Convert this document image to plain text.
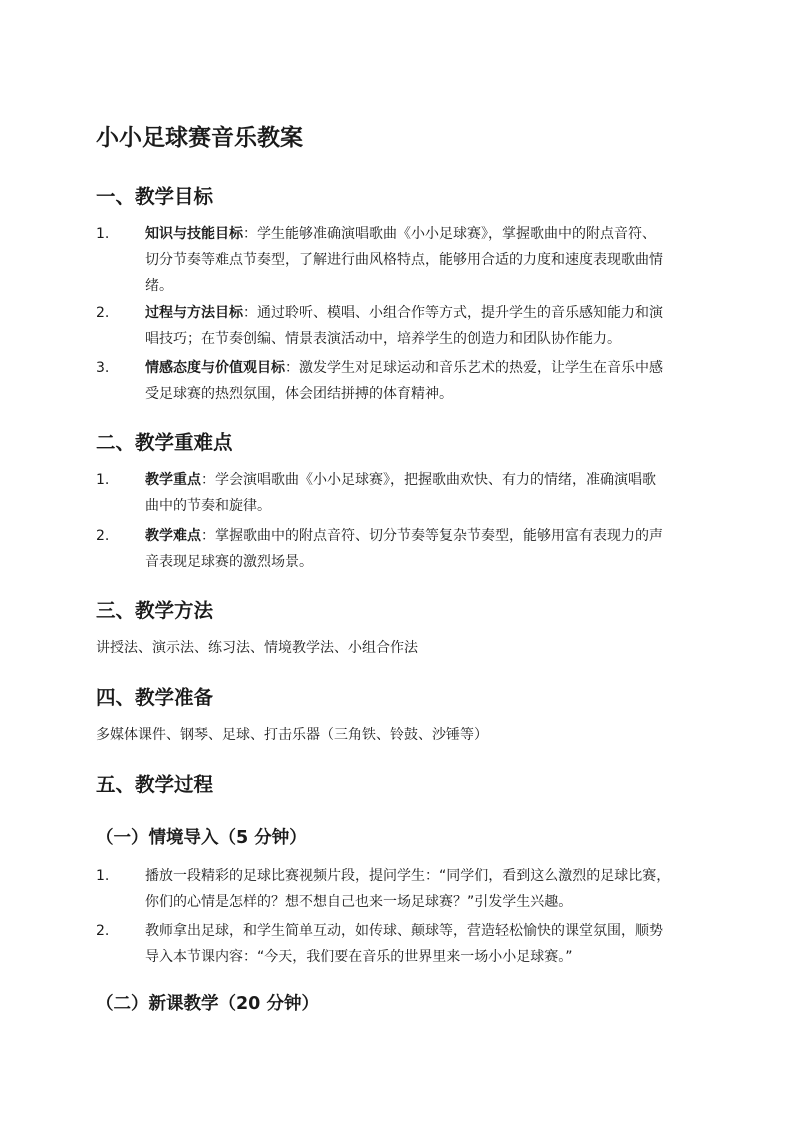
小小足球赛音乐教案
一、教学目标
1.	知识与技能目标：学生能够准确演唱歌曲《小小足球赛》，掌握歌曲中的附点音符、
切分节奏等难点节奏型，了解进行曲风格特点，能够用合适的力度和速度表现歌曲情
绪。

2.	过程与方法目标：通过聆听、模唱、小组合作等方式，提升学生的音乐感知能力和演
唱技巧；在节奏创编、情景表演活动中，培养学生的创造力和团队协作能力。

3.	情感态度与价值观目标：激发学生对足球运动和音乐艺术的热爱，让学生在音乐中感
受足球赛的热烈氛围，体会团结拼搏的体育精神。

二、教学重难点
1.	教学重点：学会演唱歌曲《小小足球赛》，把握歌曲欢快、有力的情绪，准确演唱歌
曲中的节奏和旋律。

2.	教学难点：掌握歌曲中的附点音符、切分节奏等复杂节奏型，能够用富有表现力的声
音表现足球赛的激烈场景。

三、教学方法

讲授法、演示法、练习法、情境教学法、小组合作法

四、教学准备

多媒体课件、钢琴、足球、打击乐器（三角铁、铃鼓、沙锤等）

五、教学过程
（一）情境导入（5 分钟）
1.	播放一段精彩的足球比赛视频片段，提问学生：“同学们，看到这么激烈的足球比赛，
你们的心情是怎样的？想不想自己也来一场足球赛？”引发学生兴趣。

2.	教师拿出足球，和学生简单互动，如传球、颠球等，营造轻松愉快的课堂氛围，顺势
导入本节课内容：“今天，我们要在音乐的世界里来一场小小足球赛。”

（二）新课教学（20 分钟）
